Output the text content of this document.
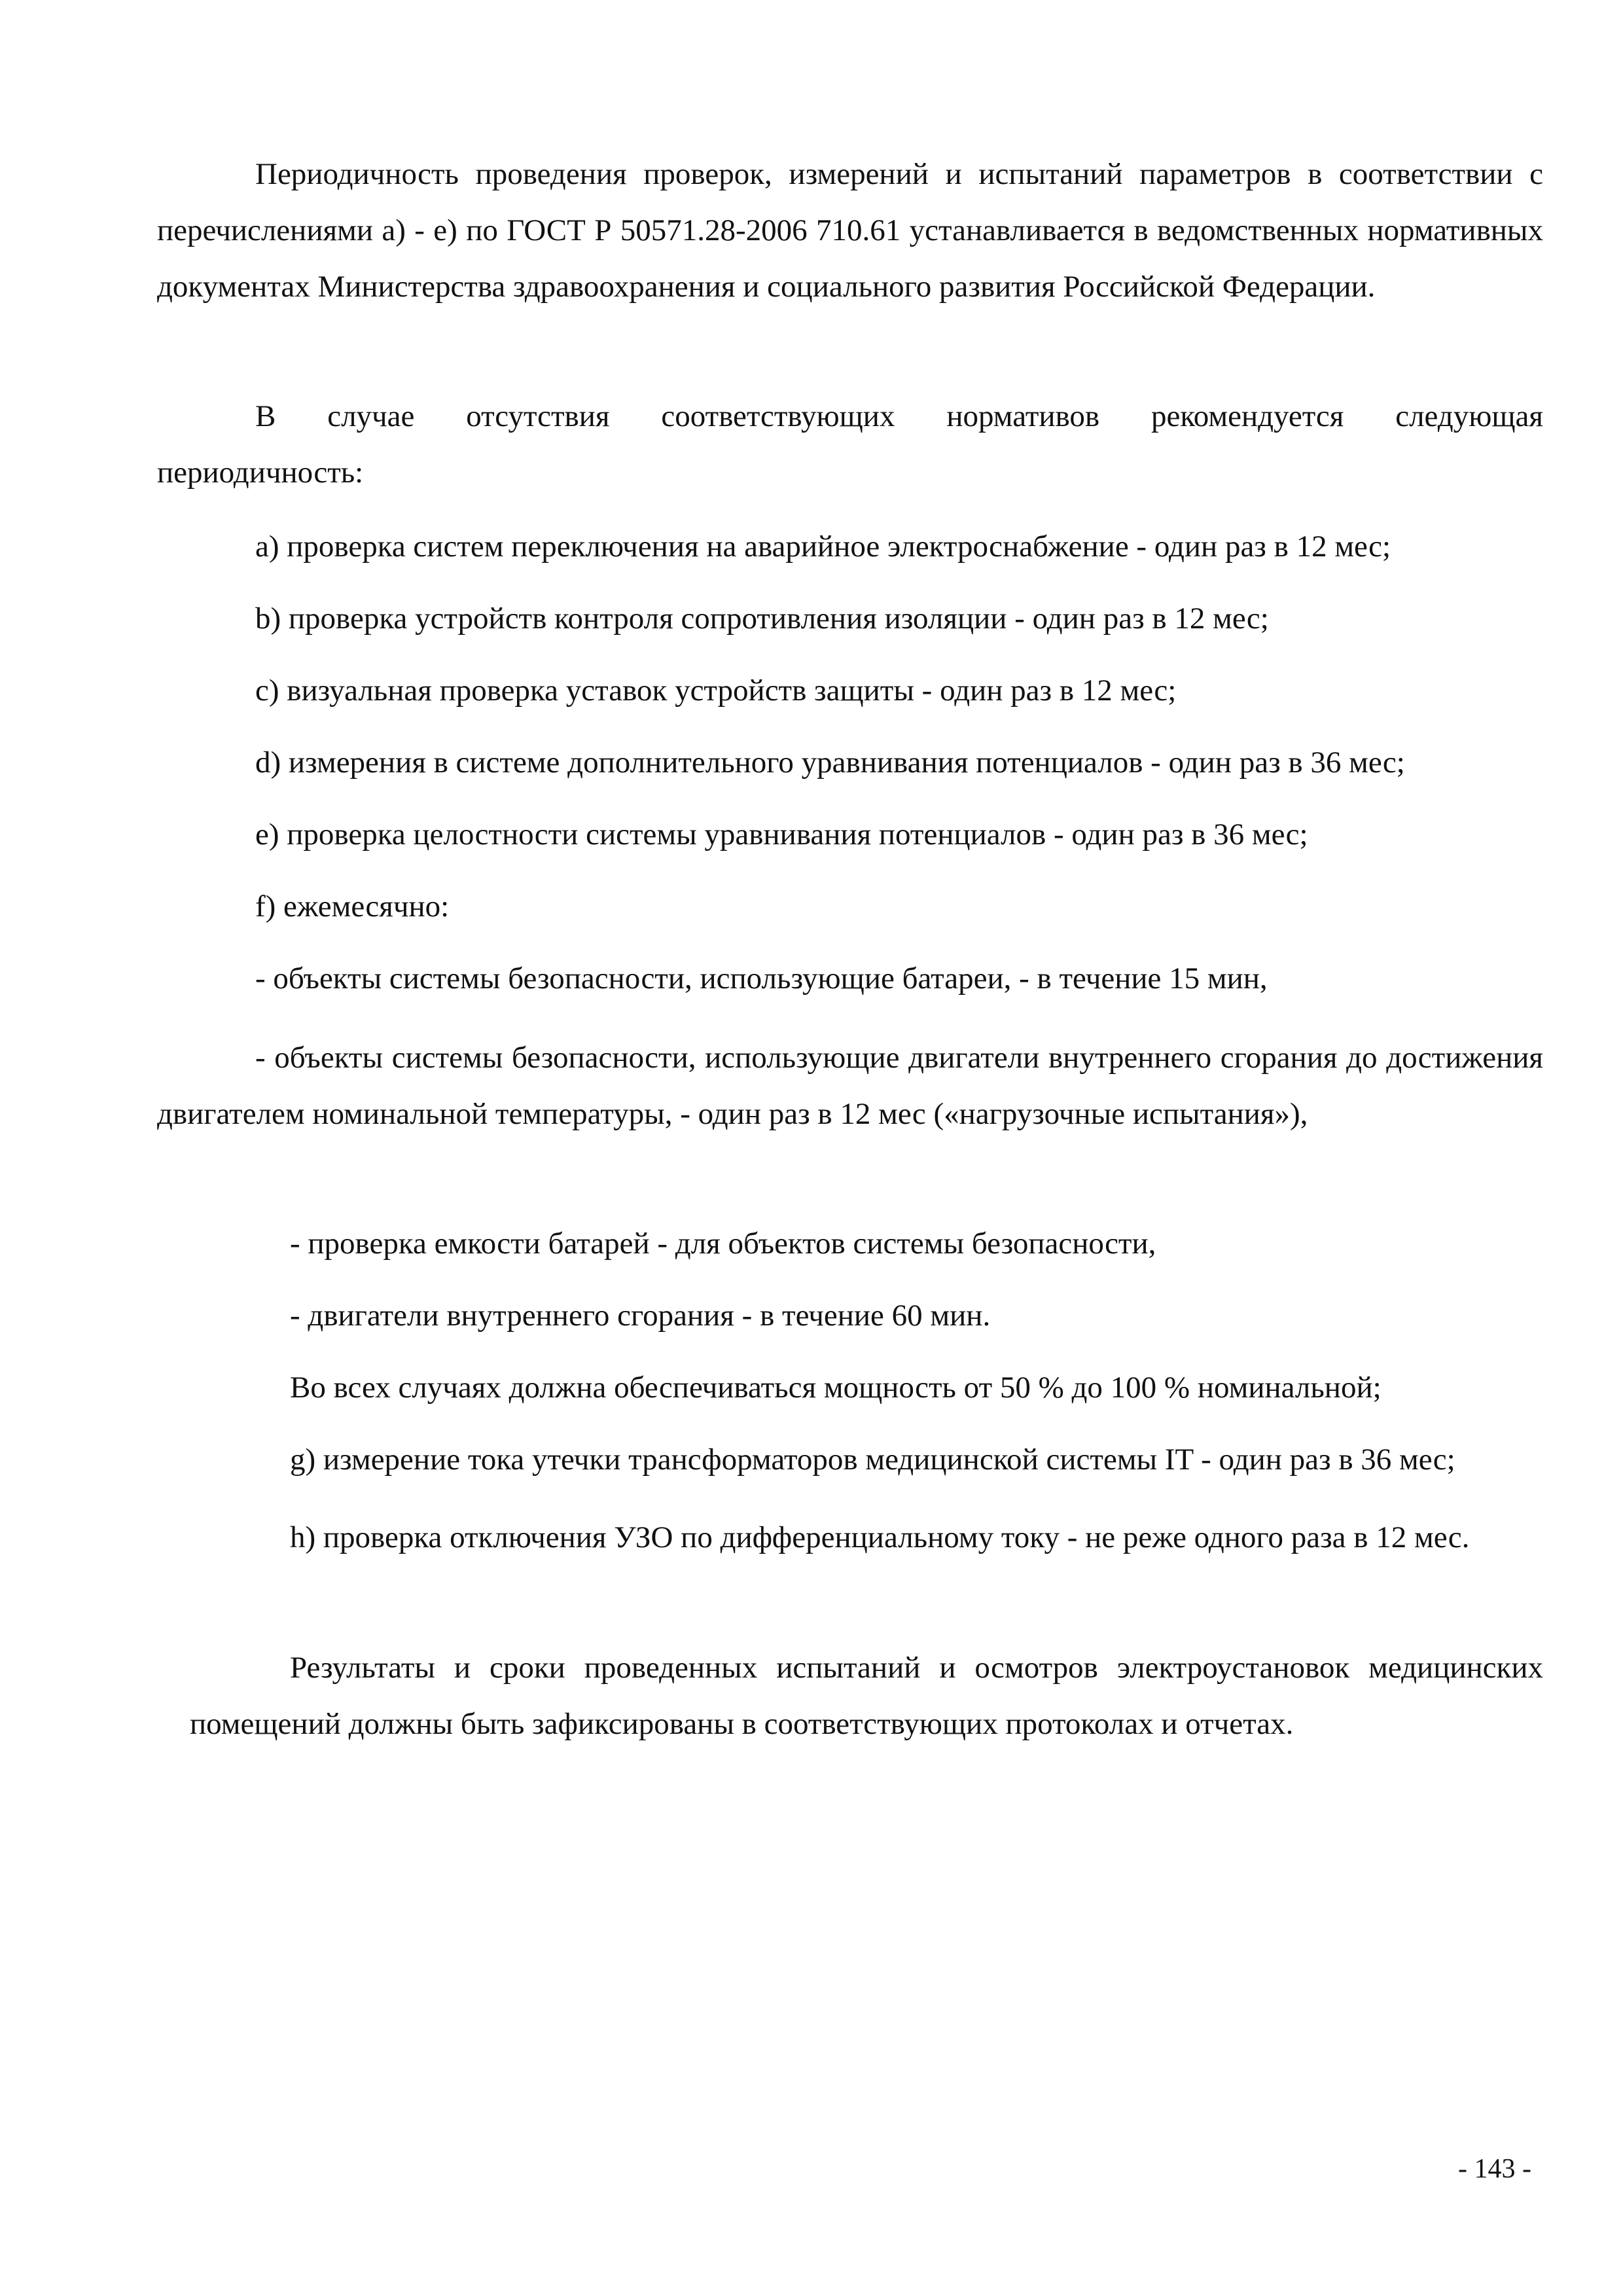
Периодичность проведения проверок, измерений и испытаний параметров в соответствии с перечислениями а) - е) по ГОСТ Р 50571.28-2006 710.61 устанавливается в ведомственных нормативных документах Министерства здравоохранения и социального развития Российской Федерации.

В случае отсутствия соответствующих нормативов рекомендуется следующая периодичность:

a) проверка систем переключения на аварийное электроснабжение - один раз в 12 мес;

b) проверка устройств контроля сопротивления изоляции - один раз в 12 мес;

c) визуальная проверка уставок устройств защиты - один раз в 12 мес;

d) измерения в системе дополнительного уравнивания потенциалов - один раз в 36 мес;

e) проверка целостности системы уравнивания потенциалов - один раз в 36 мес;

f) ежемесячно:

- объекты системы безопасности, использующие батареи, - в течение 15 мин,

- объекты системы безопасности, использующие двигатели внутреннего сгорания до достижения двигателем номинальной температуры, - один раз в 12 мес («нагрузочные испытания»),

- проверка емкости батарей - для объектов системы безопасности,

- двигатели внутреннего сгорания - в течение 60 мин.

Во всех случаях должна обеспечиваться мощность от 50 % до 100 % номинальной;

g) измерение тока утечки трансформаторов медицинской системы IT - один раз в 36 мес;

h) проверка отключения УЗО по дифференциальному току - не реже одного раза в 12 мес.

Результаты и сроки проведенных испытаний и осмотров электроустановок медицинских помещений должны быть зафиксированы в соответствующих протоколах и отчетах.

- 143 -
